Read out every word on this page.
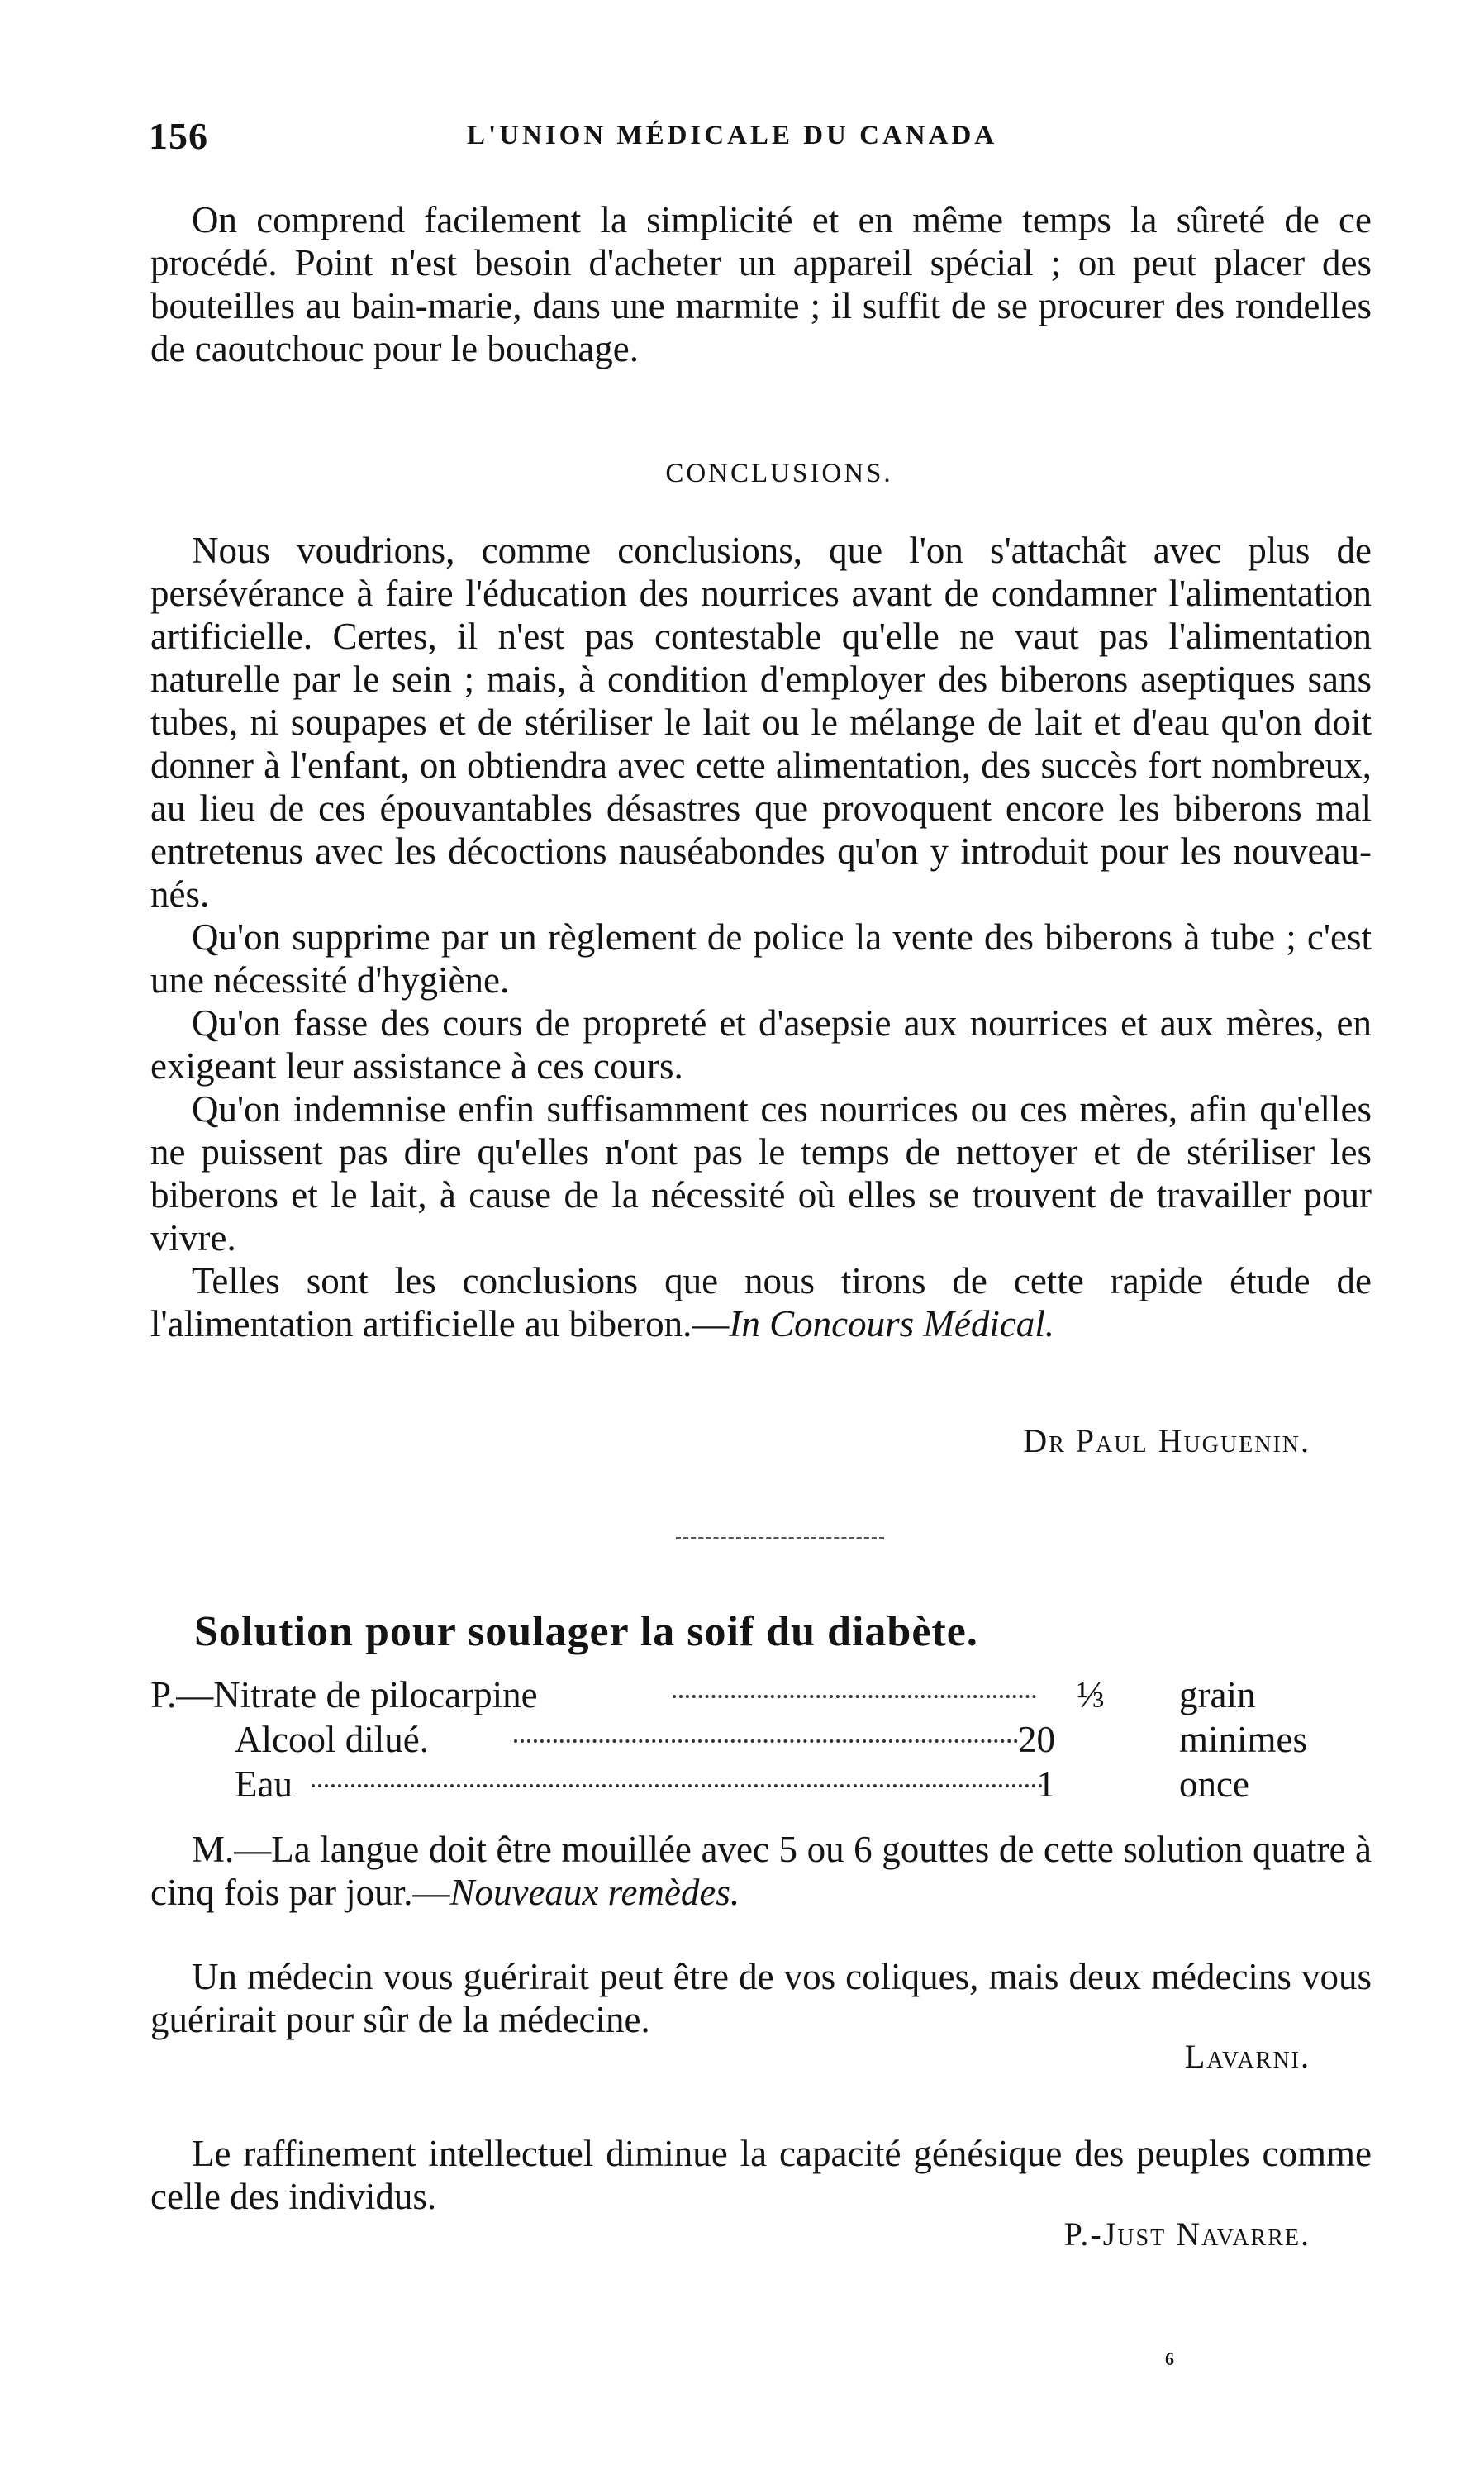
156	L'UNION MÉDICALE DU CANADA

On comprend facilement la simplicité et en même temps la sûreté de ce procédé. Point n'est besoin d'acheter un appareil spécial ; on peut placer des bouteilles au bain-marie, dans une marmite ; il suffit de se procurer des rondelles de caoutchouc pour le bouchage.

CONCLUSIONS.

Nous voudrions, comme conclusions, que l'on s'attachât avec plus de persévérance à faire l'éducation des nourrices avant de condamner l'alimentation artificielle. Certes, il n'est pas contestable qu'elle ne vaut pas l'alimentation naturelle par le sein ; mais, à condition d'employer des biberons aseptiques sans tubes, ni soupapes et de stériliser le lait ou le mélange de lait et d'eau qu'on doit donner à l'enfant, on obtiendra avec cette alimentation, des succès fort nombreux, au lieu de ces épouvantables désastres que provoquent encore les biberons mal entretenus avec les décoctions nauséabondes qu'on y introduit pour les nouveau-nés.

Qu'on supprime par un règlement de police la vente des biberons à tube ; c'est une nécessité d'hygiène.

Qu'on fasse des cours de propreté et d'asepsie aux nourrices et aux mères, en exigeant leur assistance à ces cours.

Qu'on indemnise enfin suffisamment ces nourrices ou ces mères, afin qu'elles ne puissent pas dire qu'elles n'ont pas le temps de nettoyer et de stériliser les biberons et le lait, à cause de la nécessité où elles se trouvent de travailler pour vivre.

Telles sont les conclusions que nous tirons de cette rapide étude de l'alimentation artificielle au biberon.—In Concours Médical.

Dr Paul Huguenin.
Solution pour soulager la soif du diabète.
P.—Nitrate de pilocarpine	⅓ grain
Alcool dilué.	20	minimes
Eau	1	once

M.—La langue doit être mouillée avec 5 ou 6 gouttes de cette solution quatre à cinq fois par jour.—Nouveaux remèdes.

Un médecin vous guérirait peut être de vos coliques, mais deux médecins vous guérirait pour sûr de la médecine.

Lavarni.

Le raffinement intellectuel diminue la capacité génésique des peuples comme celle des individus.

P.-Just Navarre.
6
